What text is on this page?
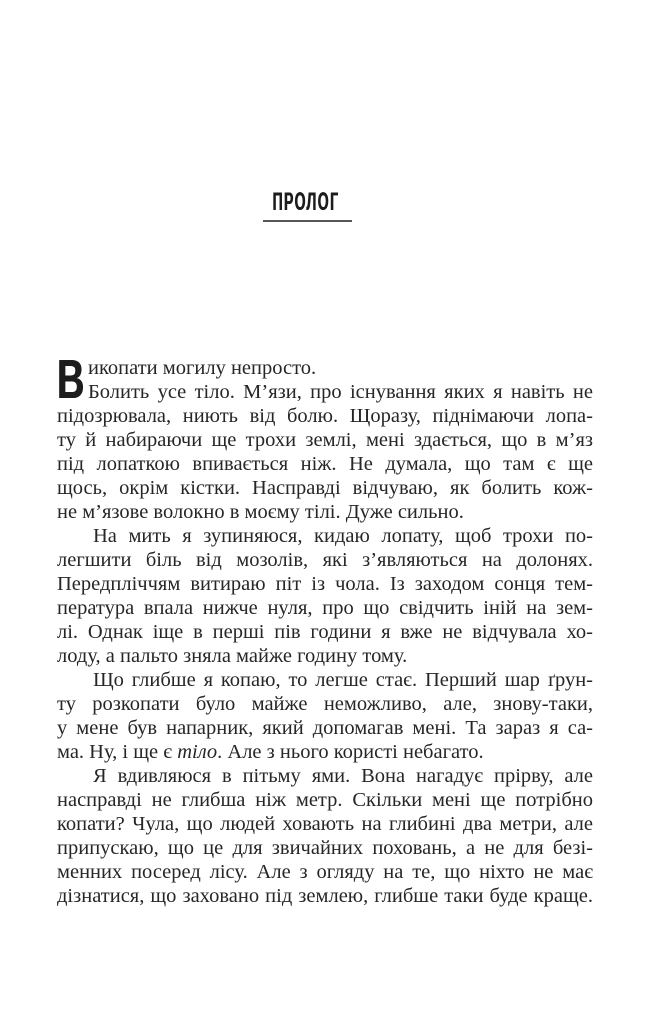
ПРОЛОГ
В икопати могилу непросто.
Болить усе тіло. М’язи, про існування яких я навіть не
підозрювала, ниють від болю. Щоразу, піднімаючи лопа-
ту й набираючи ще трохи землі, мені здається, що в м’яз
під лопаткою впивається ніж. Не думала, що там є ще
щось, окрім кістки. Насправді відчуваю, як болить кож-
не м’язове волокно в моєму тілі. Дуже сильно.
На мить я зупиняюся, кидаю лопату, щоб трохи по-
легшити біль від мозолів, які з’являються на долонях.
Передпліччям витираю піт із чола. Із заходом сонця тем-
пература впала нижче нуля, про що свідчить іній на зем-
лі. Однак іще в перші пів години я вже не відчувала хо-
лоду, а пальто зняла майже годину тому.
Що глибше я копаю, то легше стає. Перший шар ґрун-
ту розкопати було майже неможливо, але, знову-таки,
у мене був напарник, який допомагав мені. Та зараз я са-
ма. Ну, і ще є тіло. Але з нього користі небагато.
Я вдивляюся в пітьму ями. Вона нагадує прірву, але
насправді не глибша ніж метр. Скільки мені ще потрібно
копати? Чула, що людей ховають на глибині два метри, але
припускаю, що це для звичайних поховань, а не для безі-
менних посеред лісу. Але з огляду на те, що ніхто не має
дізнатися, що заховано під землею, глибше таки буде краще.
